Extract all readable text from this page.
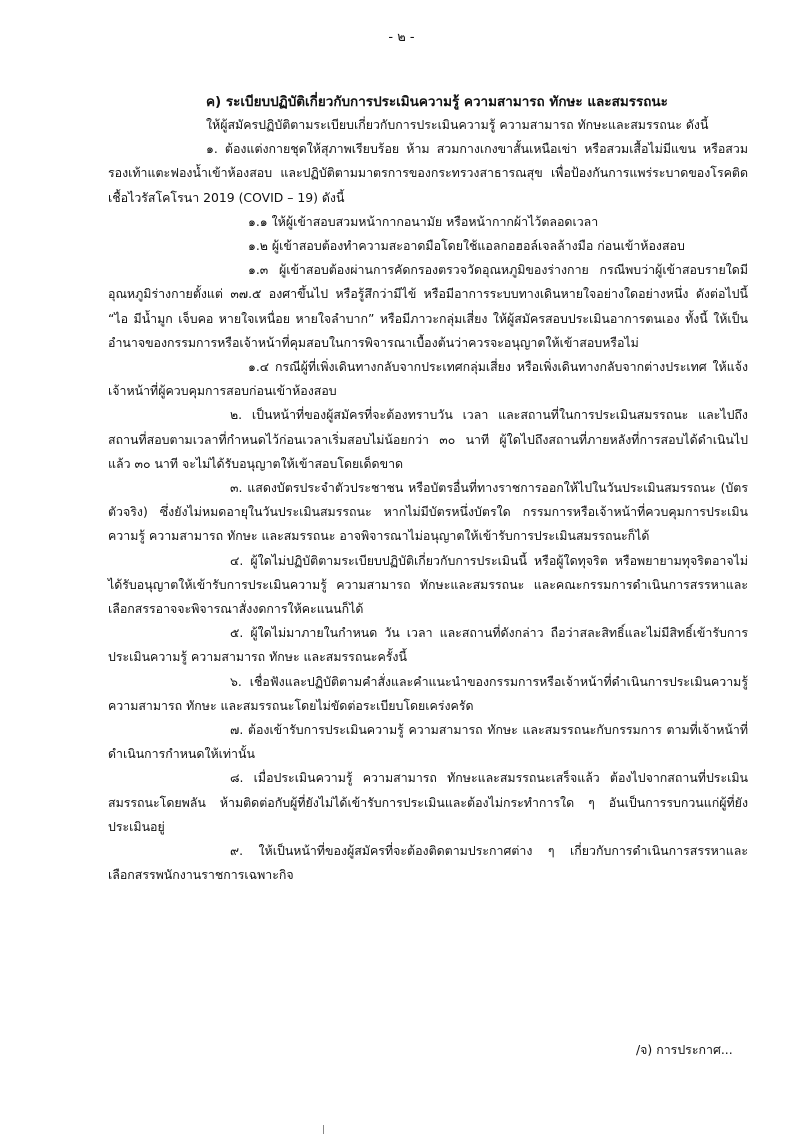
- ๒ -
ค) ระเบียบปฏิบัติเกี่ยวกับการประเมินความรู้ ความสามารถ ทักษะ และสมรรถนะ

ให้ผู้สมัครปฏิบัติตามระเบียบเกี่ยวกับการประเมินความรู้ ความสามารถ ทักษะและสมรรถนะ ดังนี้

๑. ต้องแต่งกายชุดให้สุภาพเรียบร้อย ห้าม สวมกางเกงขาสั้นเหนือเข่า หรือสวมเสื้อไม่มีแขน หรือสวมรองเท้าแตะฟองน้ำเข้าห้องสอบ และปฏิบัติตามมาตรการของกระทรวงสาธารณสุข เพื่อป้องกันการแพร่ระบาดของโรคติดเชื้อไวรัสโคโรนา 2019 (COVID – 19) ดังนี้

๑.๑ ให้ผู้เข้าสอบสวมหน้ากากอนามัย หรือหน้ากากผ้าไว้ตลอดเวลา

๑.๒ ผู้เข้าสอบต้องทำความสะอาดมือโดยใช้แอลกอฮอล์เจลล้างมือ ก่อนเข้าห้องสอบ

๑.๓ ผู้เข้าสอบต้องผ่านการคัดกรองตรวจวัดอุณหภูมิของร่างกาย กรณีพบว่าผู้เข้าสอบรายใดมีอุณหภูมิร่างกายตั้งแต่ ๓๗.๕ องศาขึ้นไป หรือรู้สึกว่ามีไข้ หรือมีอาการระบบทางเดินหายใจอย่างใดอย่างหนึ่ง ดังต่อไปนี้ “ไอ มีน้ำมูก เจ็บคอ หายใจเหนื่อย หายใจลำบาก” หรือมีภาวะกลุ่มเสี่ยง ให้ผู้สมัครสอบประเมินอาการตนเอง ทั้งนี้ ให้เป็นอำนาจของกรรมการหรือเจ้าหน้าที่คุมสอบในการพิจารณาเบื้องต้นว่าควรจะอนุญาตให้เข้าสอบหรือไม่

๑.๔ กรณีผู้ที่เพิ่งเดินทางกลับจากประเทศกลุ่มเสี่ยง หรือเพิ่งเดินทางกลับจากต่างประเทศ ให้แจ้งเจ้าหน้าที่ผู้ควบคุมการสอบก่อนเข้าห้องสอบ

๒. เป็นหน้าที่ของผู้สมัครที่จะต้องทราบวัน เวลา และสถานที่ในการประเมินสมรรถนะ และไปถึงสถานที่สอบตามเวลาที่กำหนดไว้ก่อนเวลาเริ่มสอบไม่น้อยกว่า ๓๐ นาที ผู้ใดไปถึงสถานที่ภายหลังที่การสอบได้ดำเนินไปแล้ว ๓๐ นาที จะไม่ได้รับอนุญาตให้เข้าสอบโดยเด็ดขาด

๓. แสดงบัตรประจำตัวประชาชน หรือบัตรอื่นที่ทางราชการออกให้ไปในวันประเมินสมรรถนะ (บัตรตัวจริง) ซึ่งยังไม่หมดอายุในวันประเมินสมรรถนะ หากไม่มีบัตรหนึ่งบัตรใด กรรมการหรือเจ้าหน้าที่ควบคุมการประเมินความรู้ ความสามารถ ทักษะ และสมรรถนะ อาจพิจารณาไม่อนุญาตให้เข้ารับการประเมินสมรรถนะก็ได้

๔. ผู้ใดไม่ปฏิบัติตามระเบียบปฏิบัติเกี่ยวกับการประเมินนี้ หรือผู้ใดทุจริต หรือพยายามทุจริตอาจไม่ได้รับอนุญาตให้เข้ารับการประเมินความรู้ ความสามารถ ทักษะและสมรรถนะ และคณะกรรมการดำเนินการสรรหาและเลือกสรรอาจจะพิจารณาสั่งงดการให้คะแนนก็ได้

๕. ผู้ใดไม่มาภายในกำหนด วัน เวลา และสถานที่ดังกล่าว ถือว่าสละสิทธิ์และไม่มีสิทธิ์เข้ารับการประเมินความรู้ ความสามารถ ทักษะ และสมรรถนะครั้งนี้

๖. เชื่อฟังและปฏิบัติตามคำสั่งและคำแนะนำของกรรมการหรือเจ้าหน้าที่ดำเนินการประเมินความรู้ ความสามารถ ทักษะ และสมรรถนะโดยไม่ขัดต่อระเบียบโดยเคร่งครัด

๗. ต้องเข้ารับการประเมินความรู้ ความสามารถ ทักษะ และสมรรถนะกับกรรมการ ตามที่เจ้าหน้าที่ดำเนินการกำหนดให้เท่านั้น

๘. เมื่อประเมินความรู้ ความสามารถ ทักษะและสมรรถนะเสร็จแล้ว ต้องไปจากสถานที่ประเมินสมรรถนะโดยพลัน ห้ามติดต่อกับผู้ที่ยังไม่ได้เข้ารับการประเมินและต้องไม่กระทำการใด ๆ อันเป็นการรบกวนแก่ผู้ที่ยังประเมินอยู่

๙. ให้เป็นหน้าที่ของผู้สมัครที่จะต้องติดตามประกาศต่าง ๆ เกี่ยวกับการดำเนินการสรรหาและเลือกสรรพนักงานราชการเฉพาะกิจ

/จ) การประกาศ...
